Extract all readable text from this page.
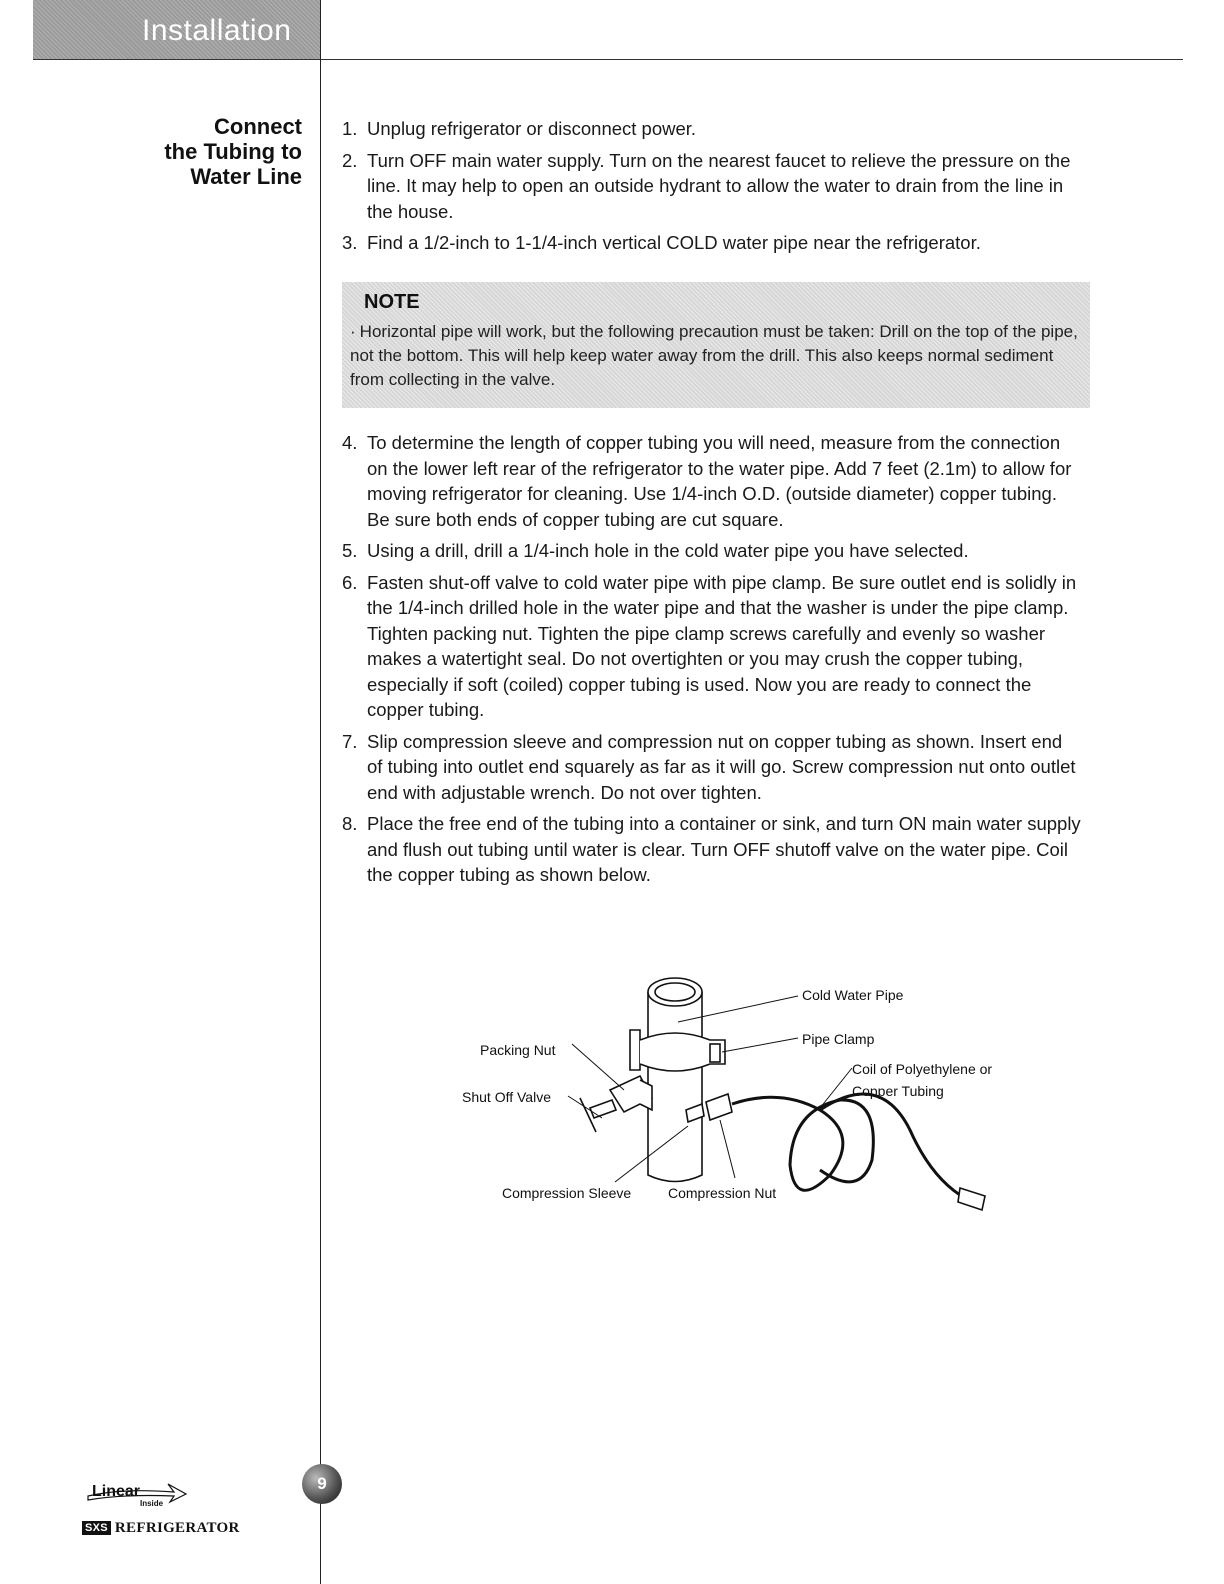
Installation
Connect
the Tubing to
Water Line
1. Unplug refrigerator or disconnect power.
2. Turn OFF main water supply. Turn on the nearest faucet to relieve the pressure on the line. It may help to open an outside hydrant to allow the water to drain from the line in the house.
3. Find a 1/2-inch to 1-1/4-inch vertical COLD water pipe near the refrigerator.
NOTE
· Horizontal pipe will work, but the following precaution must be taken: Drill on the top of the pipe, not the bottom. This will help keep water away from the drill. This also keeps normal sediment from collecting in the valve.
4. To determine the length of copper tubing you will need, measure from the connection on the lower left rear of the refrigerator to the water pipe. Add 7 feet (2.1m) to allow for moving refrigerator for cleaning. Use 1/4-inch O.D. (outside diameter) copper tubing. Be sure both ends of copper tubing are cut square.
5. Using a drill, drill a 1/4-inch hole in the cold water pipe you have selected.
6. Fasten shut-off valve to cold water pipe with pipe clamp. Be sure outlet end is solidly in the 1/4-inch drilled hole in the water pipe and that the washer is under the pipe clamp. Tighten packing nut. Tighten the pipe clamp screws carefully and evenly so washer makes a watertight seal. Do not overtighten or you may crush the copper tubing, especially if soft (coiled) copper tubing is used. Now you are ready to connect the copper tubing.
7. Slip compression sleeve and compression nut on copper tubing as shown. Insert end of tubing into outlet end squarely as far as it will go. Screw compression nut onto outlet end with adjustable wrench. Do not over tighten.
8. Place the free end of the tubing into a container or sink, and turn ON main water supply and flush out tubing until water is clear. Turn OFF shutoff valve on the water pipe. Coil the copper tubing as shown below.
Cold Water Pipe
Pipe Clamp
Coil of Polyethylene or
Copper Tubing
Packing Nut
Shut Off Valve
Compression Sleeve	Compression Nut
9
Linear
Inside
SXS REFRIGERATOR
